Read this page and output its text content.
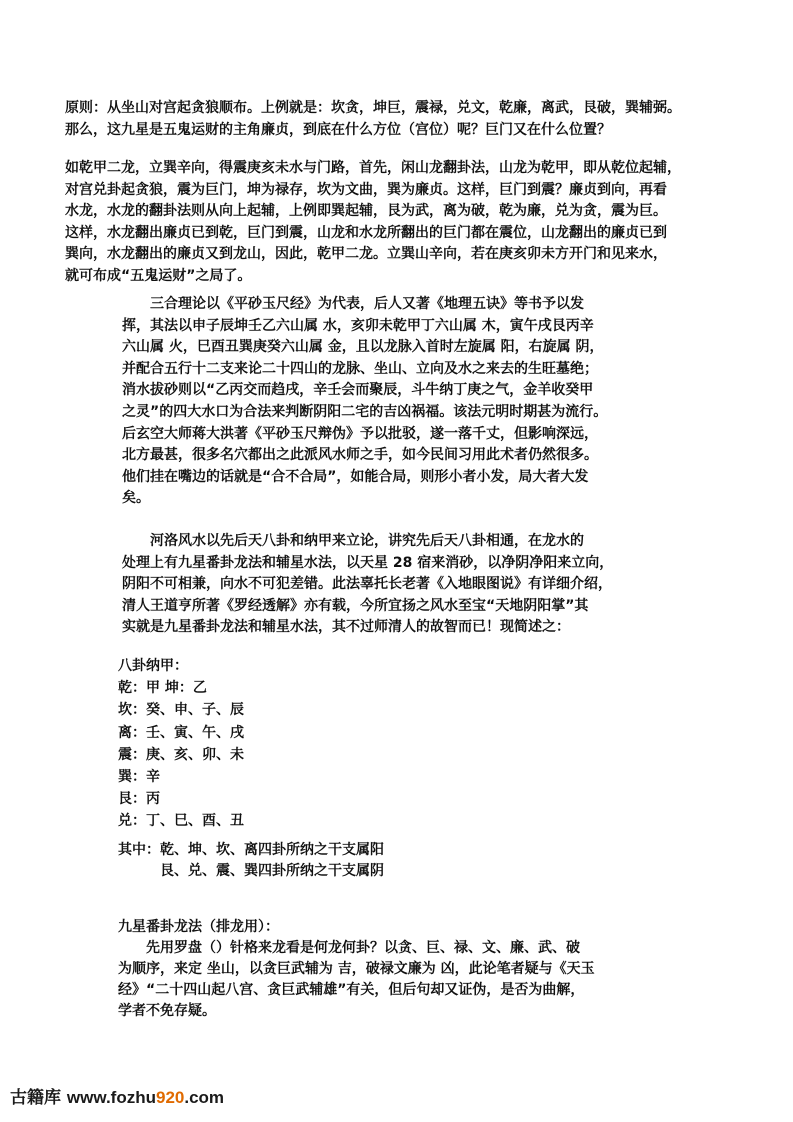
原则：从坐山对宫起贪狼顺布。上例就是：坎贪，坤巨，震禄，兑文，乾廉，离武，艮破，巽辅弼。
那么，这九星是五鬼运财的主角廉贞，到底在什么方位（宫位）呢？巨门又在什么位置？
如乾甲二龙，立巽辛向，得震庚亥未水与门路，首先，闲山龙翻卦法，山龙为乾甲，即从乾位起辅，
对宫兑卦起贪狼，震为巨门，坤为禄存，坎为文曲，巽为廉贞。这样，巨门到震？廉贞到向，再看
水龙，水龙的翻卦法则从向上起辅，上例即巽起辅，艮为武，离为破，乾为廉，兑为贪，震为巨。
这样，水龙翻出廉贞已到乾，巨门到震，山龙和水龙所翻出的巨门都在震位，山龙翻出的廉贞已到
巽向，水龙翻出的廉贞又到龙山，因此，乾甲二龙。立巽山辛向，若在庚亥卯未方开门和见来水，
就可布成“五鬼运财”之局了。
　　三合理论以《平砂玉尺经》为代表，后人又著《地理五诀》等书予以发
挥，其法以申子辰坤壬乙六山属 水，亥卯未乾甲丁六山属 木，寅午戌艮丙辛
六山属 火，巳酉丑巽庚癸六山属 金，且以龙脉入首时左旋属 阳，右旋属 阴，
并配合五行十二支来论二十四山的龙脉、坐山、立向及水之来去的生旺墓绝；
消水拔砂则以“乙丙交而趋戌，辛壬会而聚辰，斗牛纳丁庚之气，金羊收癸甲
之灵”的四大水口为合法来判断阴阳二宅的吉凶祸福。该法元明时期甚为流行。
后玄空大师蒋大洪著《平砂玉尺辩伪》予以批驳，遂一落千丈，但影响深远，
北方最甚，很多名穴都出之此派风水师之手，如今民间习用此术者仍然很多。
他们挂在嘴边的话就是“合不合局”，如能合局，则形小者小发，局大者大发
矣。
　　河洛风水以先后天八卦和纳甲来立论，讲究先后天八卦相通，在龙水的
处理上有九星番卦龙法和辅星水法，以天星 28 宿来消砂，以净阴净阳来立向，
阴阳不可相兼，向水不可犯差错。此法辜托长老著《入地眼图说》有详细介绍，
清人王道亨所著《罗经透解》亦有载，今所宜扬之风水至宝“天地阴阳掌”其
实就是九星番卦龙法和辅星水法，其不过师清人的故智而已！现简述之：
八卦纳甲：
乾：甲 坤：乙
坎：癸、申、子、辰
离：壬、寅、午、戌
震：庚、亥、卯、未
巽：辛
艮：丙
兑：丁、巳、酉、丑
其中：乾、坤、坎、离四卦所纳之干支属阳
　　　艮、兑、震、巽四卦所纳之干支属阴
九星番卦龙法（排龙用）：
　　先用罗盘（）针格来龙看是何龙何卦？以贪、巨、禄、文、廉、武、破
为顺序，来定 坐山，以贪巨武辅为 吉，破禄文廉为 凶，此论笔者疑与《天玉
经》“二十四山起八宫、贪巨武辅雄”有关，但后句却又证伪，是否为曲解，
学者不免存疑。
古籍库 www.fozhu920.com
